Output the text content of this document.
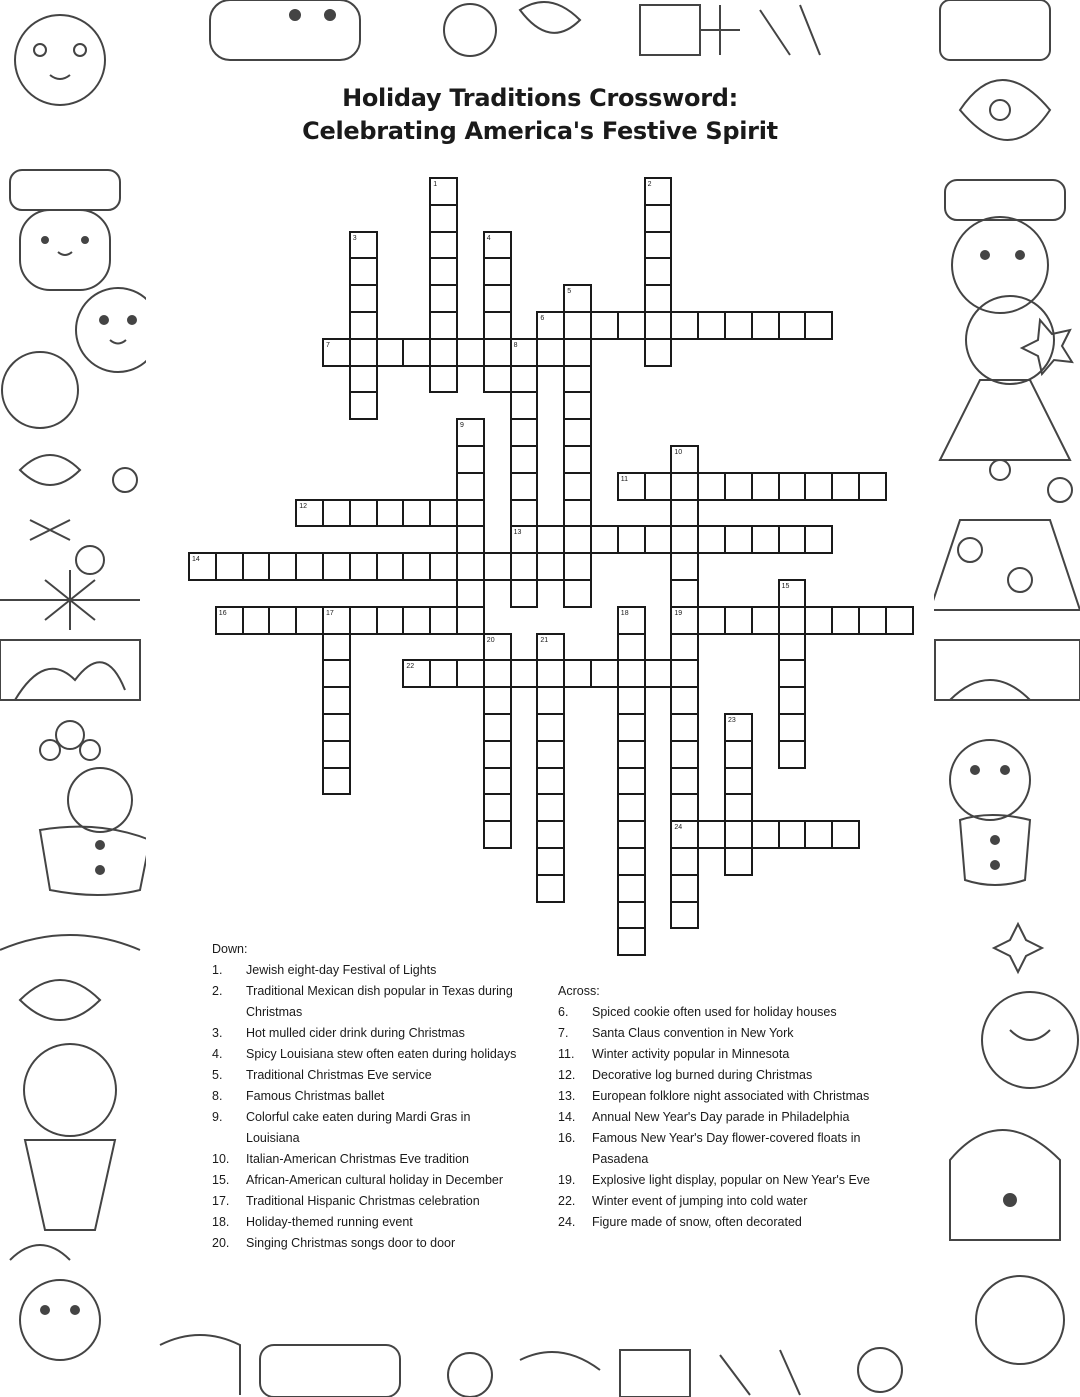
Holiday Traditions Crossword:
Celebrating America's Festive Spirit
1	2
3	4
5
6
7	8
9
10
11
12
13
14
15
16	17	18	19
20	21
22
23
24
Down:
1.	Jewish eight-day Festival of Lights
2.	Traditional Mexican dish popular in Texas during Christmas
3.	Hot mulled cider drink during Christmas
4.	Spicy Louisiana stew often eaten during holidays
5.	Traditional Christmas Eve service
8.	Famous Christmas ballet
9.	Colorful cake eaten during Mardi Gras in Louisiana
10.	Italian-American Christmas Eve tradition
15.	African-American cultural holiday in December
17.	Traditional Hispanic Christmas celebration
18.	Holiday-themed running event
20.	Singing Christmas songs door to door
Across:
6.	Spiced cookie often used for holiday houses
7.	Santa Claus convention in New York
11.	Winter activity popular in Minnesota
12.	Decorative log burned during Christmas
13.	European folklore night associated with Christmas
14.	Annual New Year's Day parade in Philadelphia
16.	Famous New Year's Day flower-covered floats in Pasadena
19.	Explosive light display, popular on New Year's Eve
22.	Winter event of jumping into cold water
24.	Figure made of snow, often decorated
